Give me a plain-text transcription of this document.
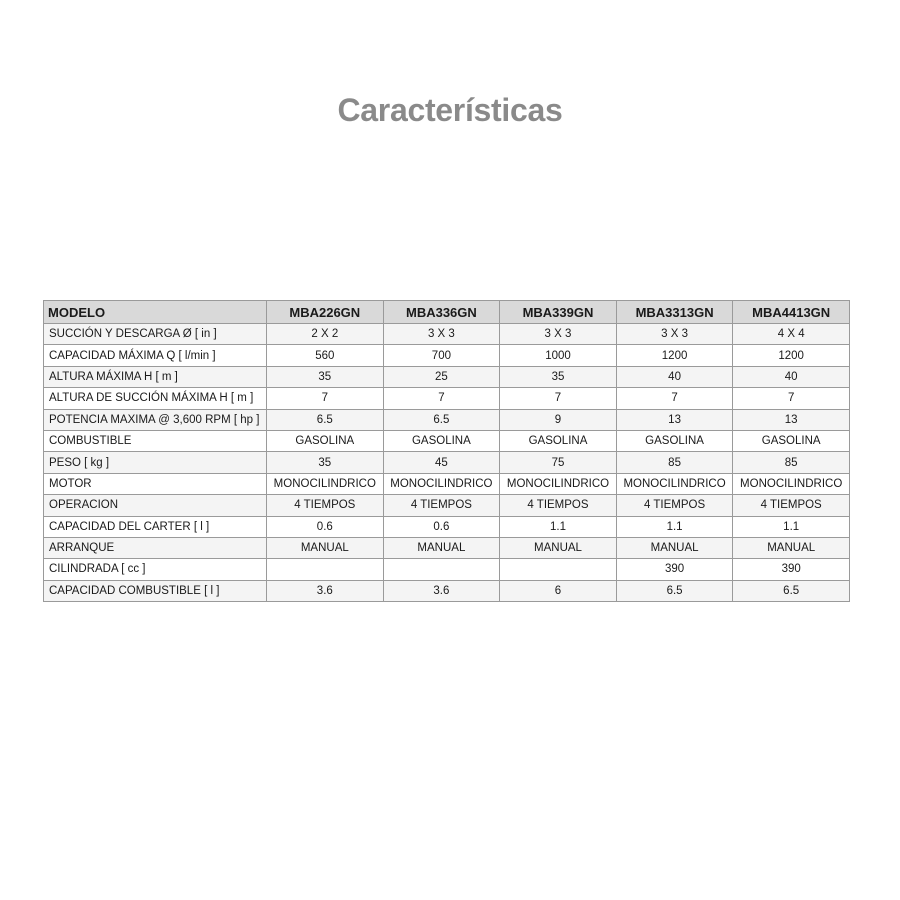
Características
MODELO	MBA226GN	MBA336GN	MBA339GN	MBA3313GN	MBA4413GN
SUCCIÓN Y DESCARGA Ø [ in ]	2 X 2	3 X 3	3 X 3	3 X 3	4 X 4
CAPACIDAD MÁXIMA Q [ l/min ]	560	700	1000	1200	1200
ALTURA MÁXIMA H [ m ]	35	25	35	40	40
ALTURA DE SUCCIÓN MÁXIMA H [ m ]	7	7	7	7	7
POTENCIA MAXIMA @ 3,600 RPM [ hp ]	6.5	6.5	9	13	13
COMBUSTIBLE	GASOLINA	GASOLINA	GASOLINA	GASOLINA	GASOLINA
PESO [ kg ]	35	45	75	85	85
MOTOR	MONOCILINDRICO	MONOCILINDRICO	MONOCILINDRICO	MONOCILINDRICO	MONOCILINDRICO
OPERACION	4 TIEMPOS	4 TIEMPOS	4 TIEMPOS	4 TIEMPOS	4 TIEMPOS
CAPACIDAD DEL CARTER [ l ]	0.6	0.6	1.1	1.1	1.1
ARRANQUE	MANUAL	MANUAL	MANUAL	MANUAL	MANUAL
CILINDRADA [ cc ]				390	390
CAPACIDAD COMBUSTIBLE [ l ]	3.6	3.6	6	6.5	6.5
